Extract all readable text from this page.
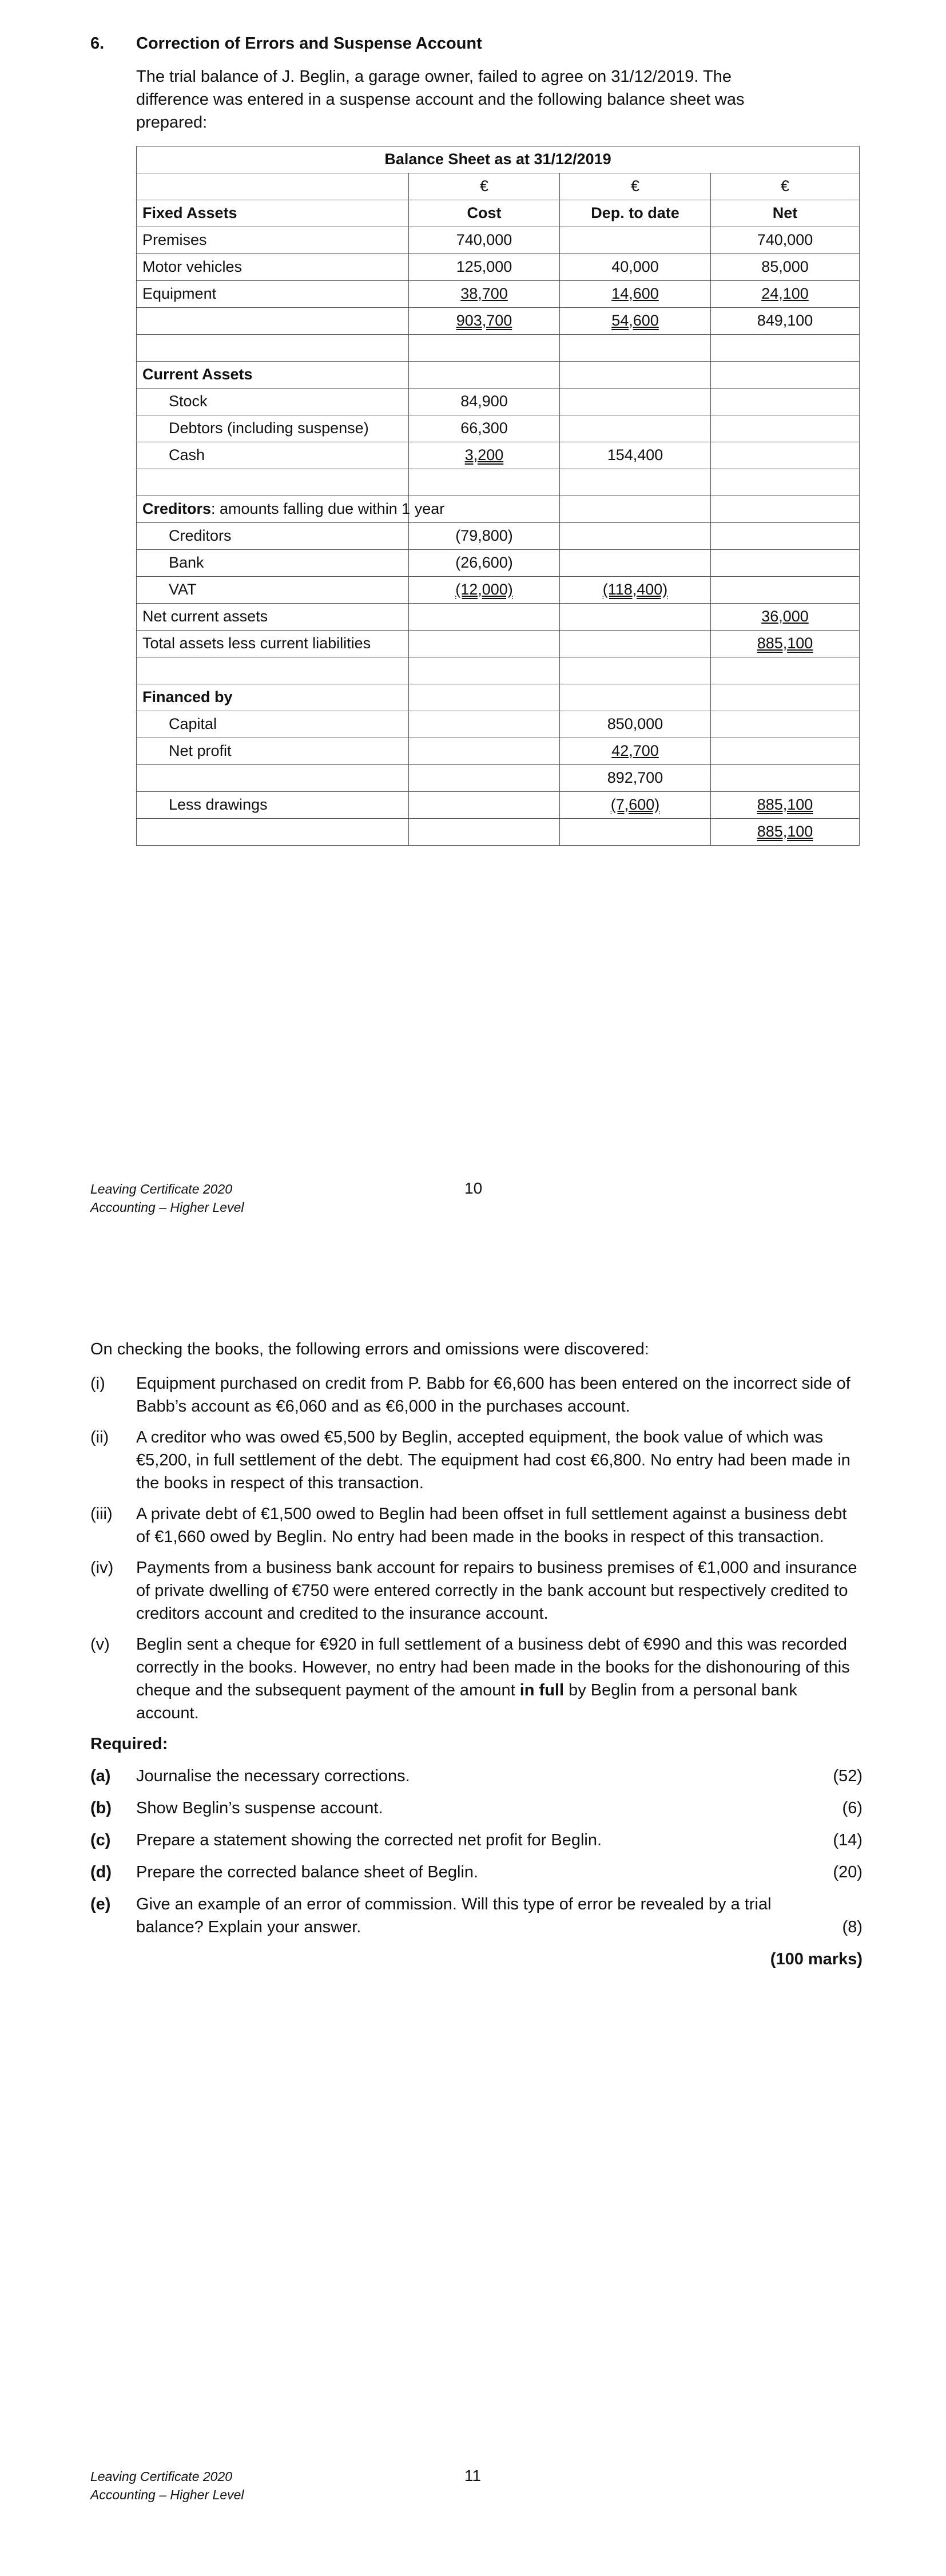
6. Correction of Errors and Suspense Account
The trial balance of J. Beglin, a garage owner, failed to agree on 31/12/2019. The difference was entered in a suspense account and the following balance sheet was prepared:
Balance Sheet as at 31/12/2019			
	€	€	€
Fixed Assets	Cost	Dep. to date	Net
Premises	740,000		740,000
Motor vehicles	125,000	40,000	85,000
Equipment	38,700	14,600	24,100
	903,700	54,600	849,100

Current Assets			
Stock	84,900		
Debtors (including suspense)	66,300		
Cash	3,200	154,400	

Creditors: amounts falling due within 1 year			
Creditors	(79,800)		
Bank	(26,600)		
VAT	(12,000)	(118,400)	
Net current assets			36,000
Total assets less current liabilities			885,100

Financed by			
Capital		850,000	
Net profit		42,700	
		892,700	
Less drawings		(7,600)	885,100
			885,100
Leaving Certificate 2020
Accounting – Higher Level
10
On checking the books, the following errors and omissions were discovered:
(i)	Equipment purchased on credit from P. Babb for €6,600 has been entered on the incorrect side of Babb’s account as €6,060 and as €6,000 in the purchases account.
(ii)	A creditor who was owed €5,500 by Beglin, accepted equipment, the book value of which was €5,200, in full settlement of the debt. The equipment had cost €6,800. No entry had been made in the books in respect of this transaction.
(iii)	A private debt of €1,500 owed to Beglin had been offset in full settlement against a business debt of €1,660 owed by Beglin. No entry had been made in the books in respect of this transaction.
(iv)	Payments from a business bank account for repairs to business premises of €1,000 and insurance of private dwelling of €750 were entered correctly in the bank account but respectively credited to creditors account and credited to the insurance account.
(v)	Beglin sent a cheque for €920 in full settlement of a business debt of €990 and this was recorded correctly in the books. However, no entry had been made in the books for the dishonouring of this cheque and the subsequent payment of the amount in full by Beglin from a personal bank account.
Required:
(a)	Journalise the necessary corrections.	(52)
(b)	Show Beglin’s suspense account.	(6)
(c)	Prepare a statement showing the corrected net profit for Beglin.	(14)
(d)	Prepare the corrected balance sheet of Beglin.	(20)
(e)	Give an example of an error of commission. Will this type of error be revealed by a trial balance? Explain your answer.	(8)
(100 marks)
Leaving Certificate 2020
Accounting – Higher Level
11
